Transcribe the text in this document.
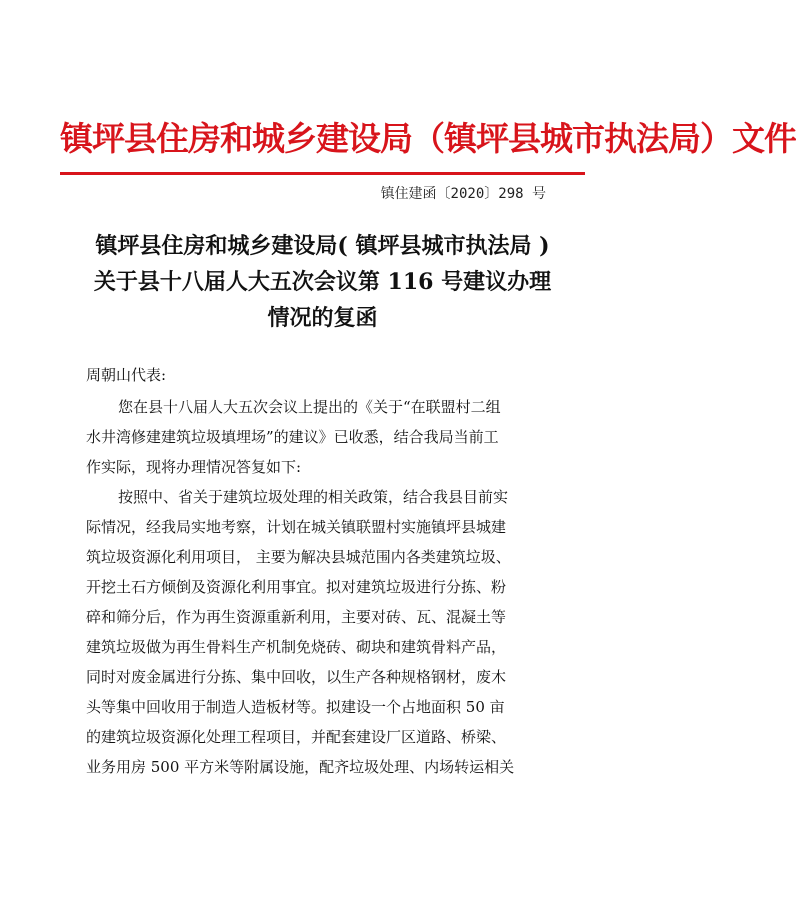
镇坪县住房和城乡建设局（镇坪县城市执法局）文件
镇住建函〔2020〕298 号
镇坪县住房和城乡建设局( 镇坪县城市执法局 )
关于县十八届人大五次会议第 116 号建议办理
情况的复函
周朝山代表:
您在县十八届人大五次会议上提出的《关于“在联盟村二组
水井湾修建建筑垃圾填埋场”的建议》已收悉，结合我局当前工
作实际，现将办理情况答复如下:
按照中、省关于建筑垃圾处理的相关政策，结合我县目前实
际情况，经我局实地考察，计划在城关镇联盟村实施镇坪县城建
筑垃圾资源化利用项目， 主要为解决县城范围内各类建筑垃圾、
开挖土石方倾倒及资源化利用事宜。拟对建筑垃圾进行分拣、粉
碎和筛分后，作为再生资源重新利用，主要对砖、瓦、混凝土等
建筑垃圾做为再生骨料生产机制免烧砖、砌块和建筑骨料产品，
同时对废金属进行分拣、集中回收，以生产各种规格钢材，废木
头等集中回收用于制造人造板材等。拟建设一个占地面积 50 亩
的建筑垃圾资源化处理工程项目，并配套建设厂区道路、桥梁、
业务用房 500 平方米等附属设施，配齐垃圾处理、内场转运相关
